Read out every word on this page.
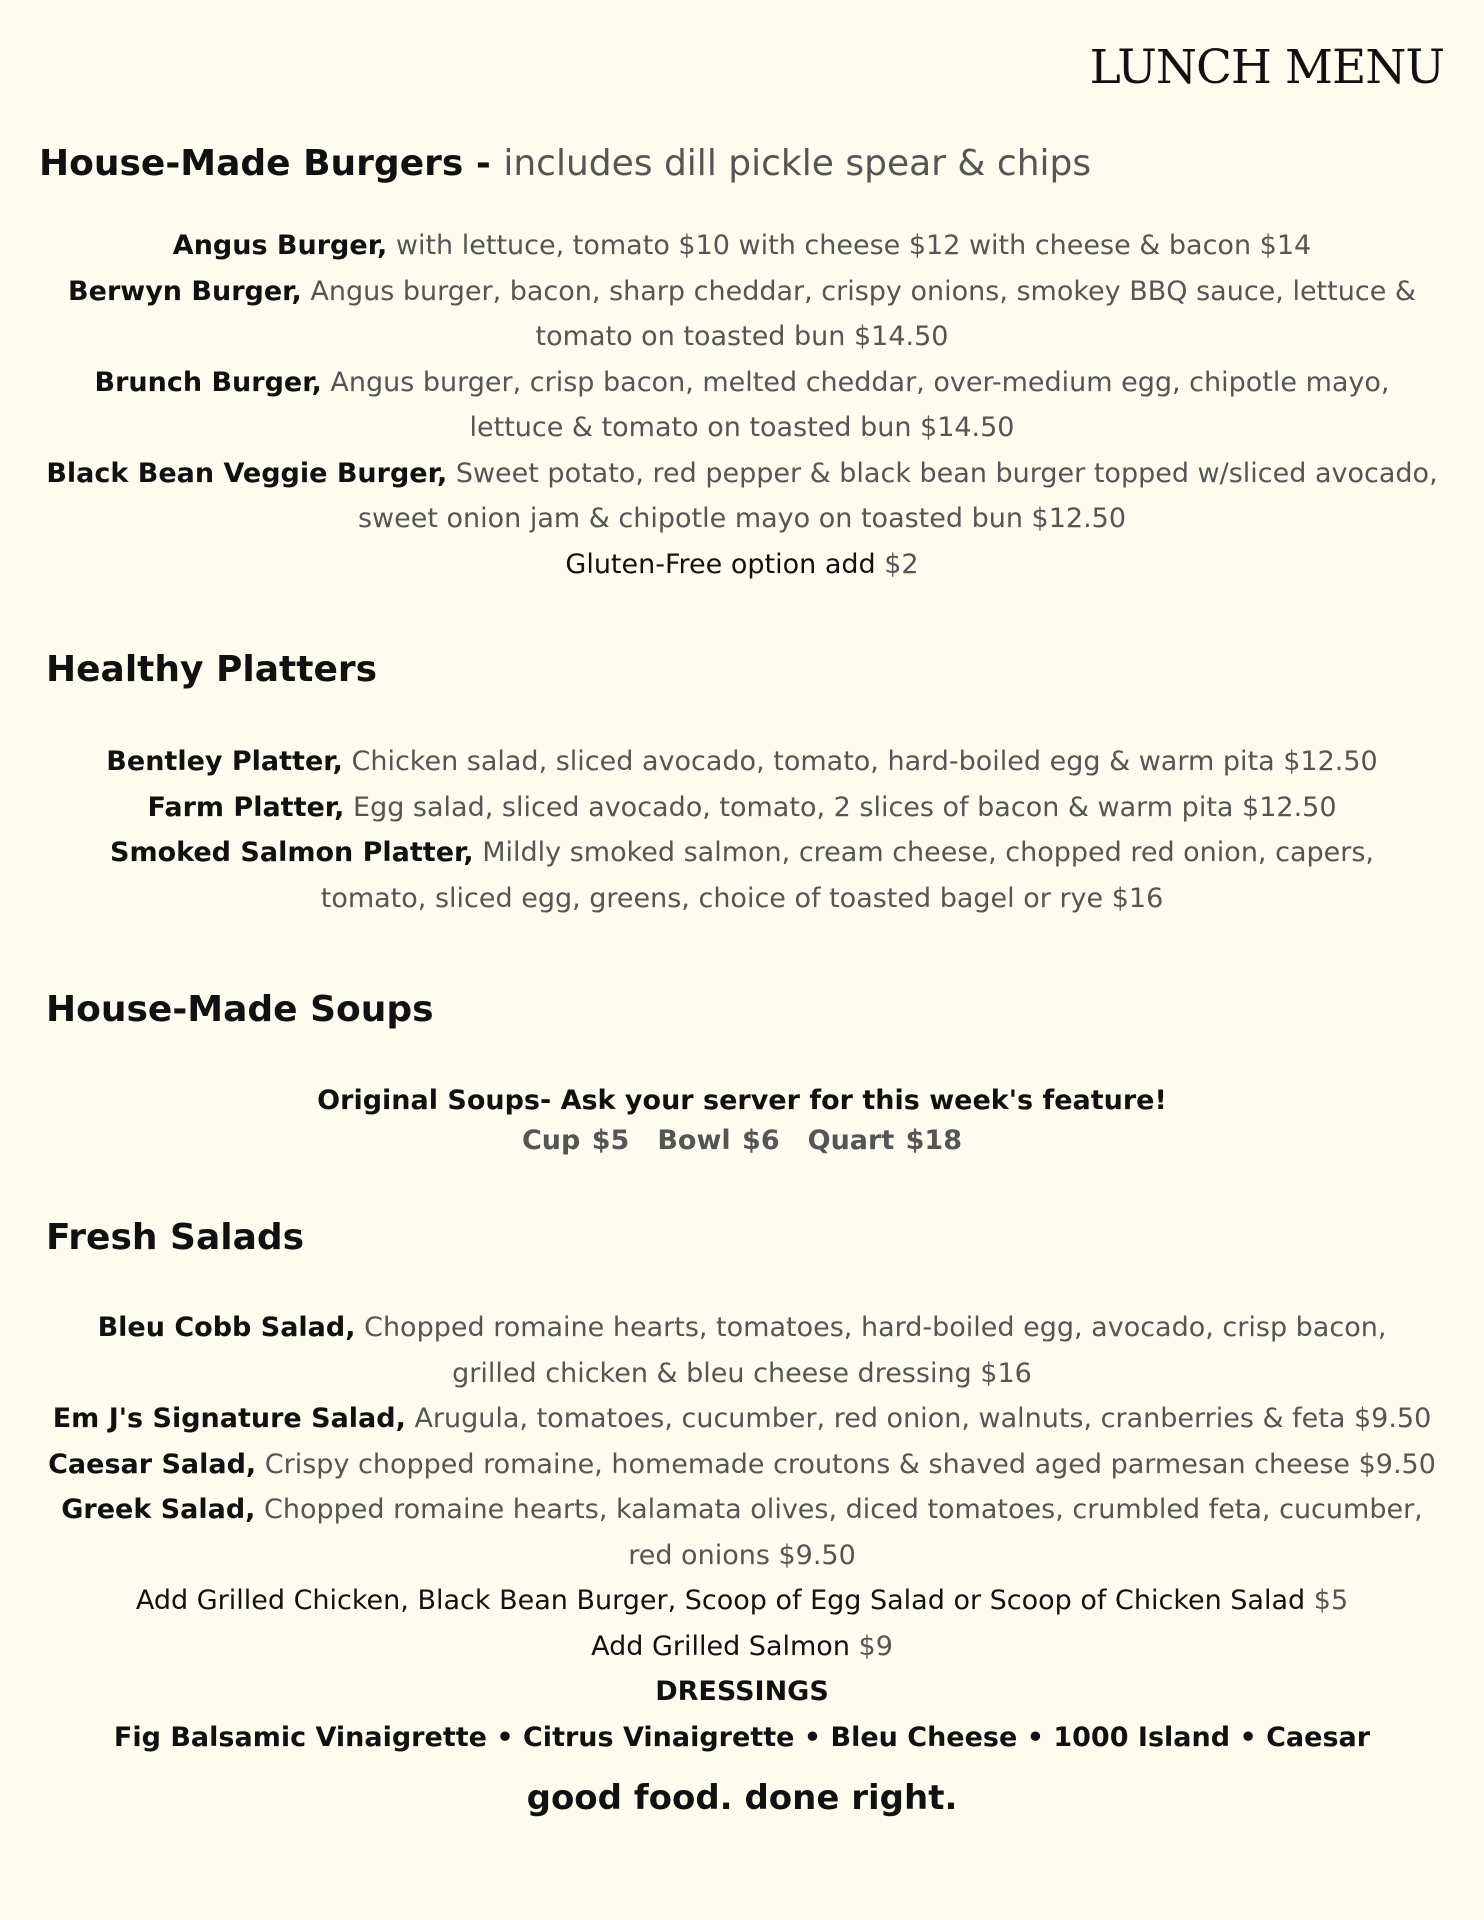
LUNCH MENU
House-Made Burgers - includes dill pickle spear & chips
Angus Burger, with lettuce, tomato $10 with cheese $12 with cheese & bacon $14
Berwyn Burger, Angus burger, bacon, sharp cheddar, crispy onions, smokey BBQ sauce, lettuce &
tomato on toasted bun $14.50
Brunch Burger, Angus burger, crisp bacon, melted cheddar, over-medium egg, chipotle mayo,
lettuce & tomato on toasted bun $14.50
Black Bean Veggie Burger, Sweet potato, red pepper & black bean burger topped w/sliced avocado,
sweet onion jam & chipotle mayo on toasted bun $12.50
Gluten-Free option add $2
Healthy Platters
Bentley Platter, Chicken salad, sliced avocado, tomato, hard-boiled egg & warm pita $12.50
Farm Platter, Egg salad, sliced avocado, tomato, 2 slices of bacon & warm pita $12.50
Smoked Salmon Platter, Mildly smoked salmon, cream cheese, chopped red onion, capers,
tomato, sliced egg, greens, choice of toasted bagel or rye $16
House-Made Soups
Original Soups- Ask your server for this week's feature!
Cup $5 Bowl $6 Quart $18
Fresh Salads
Bleu Cobb Salad, Chopped romaine hearts, tomatoes, hard-boiled egg, avocado, crisp bacon,
grilled chicken & bleu cheese dressing $16
Em J's Signature Salad, Arugula, tomatoes, cucumber, red onion, walnuts, cranberries & feta $9.50
Caesar Salad, Crispy chopped romaine, homemade croutons & shaved aged parmesan cheese $9.50
Greek Salad, Chopped romaine hearts, kalamata olives, diced tomatoes, crumbled feta, cucumber,
red onions $9.50
Add Grilled Chicken, Black Bean Burger, Scoop of Egg Salad or Scoop of Chicken Salad $5
Add Grilled Salmon $9
DRESSINGS
Fig Balsamic Vinaigrette • Citrus Vinaigrette • Bleu Cheese • 1000 Island • Caesar

good food. done right.
